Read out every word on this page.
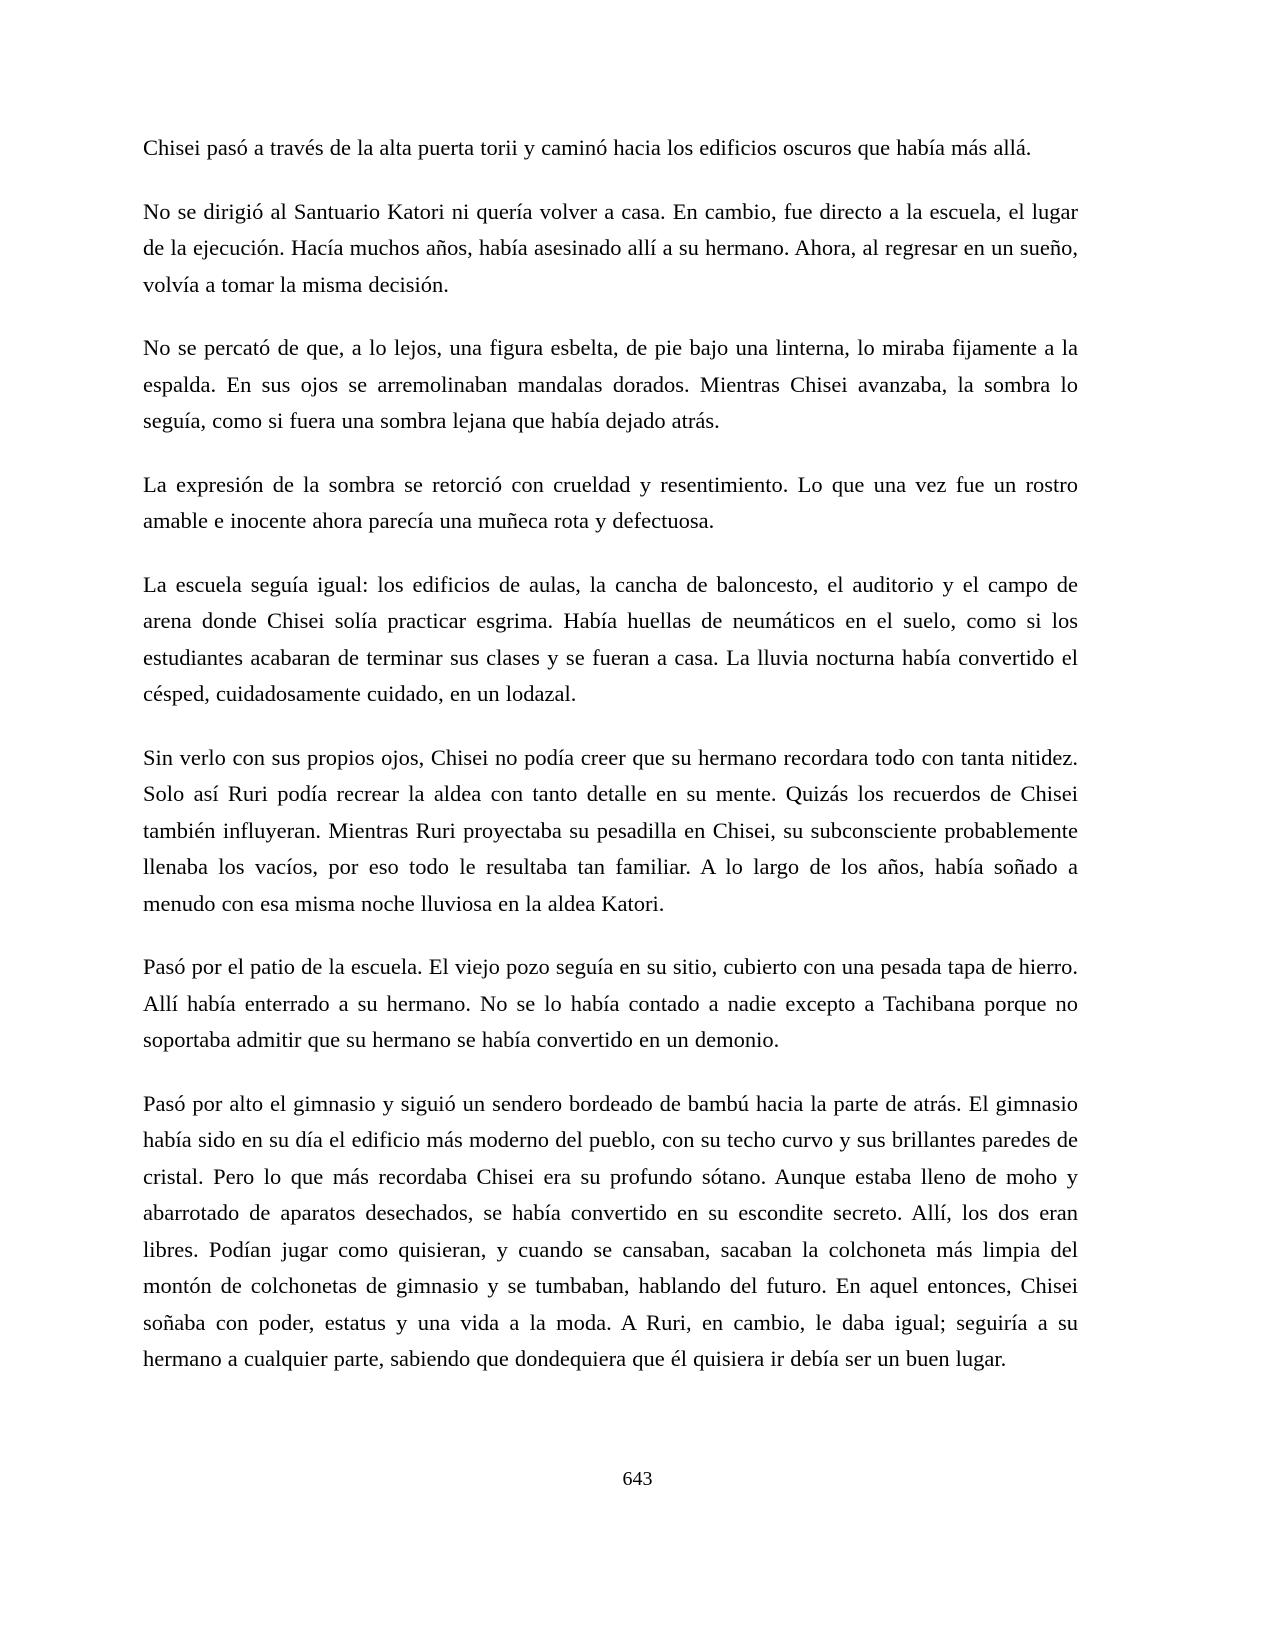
Chisei pasó a través de la alta puerta torii y caminó hacia los edificios oscuros que había más allá.

No se dirigió al Santuario Katori ni quería volver a casa. En cambio, fue directo a la escuela, el lugar de la ejecución. Hacía muchos años, había asesinado allí a su hermano. Ahora, al regresar en un sueño, volvía a tomar la misma decisión.

No se percató de que, a lo lejos, una figura esbelta, de pie bajo una linterna, lo miraba fijamente a la espalda. En sus ojos se arremolinaban mandalas dorados. Mientras Chisei avanzaba, la sombra lo seguía, como si fuera una sombra lejana que había dejado atrás.

La expresión de la sombra se retorció con crueldad y resentimiento. Lo que una vez fue un rostro amable e inocente ahora parecía una muñeca rota y defectuosa.

La escuela seguía igual: los edificios de aulas, la cancha de baloncesto, el auditorio y el campo de arena donde Chisei solía practicar esgrima. Había huellas de neumáticos en el suelo, como si los estudiantes acabaran de terminar sus clases y se fueran a casa. La lluvia nocturna había convertido el césped, cuidadosamente cuidado, en un lodazal.

Sin verlo con sus propios ojos, Chisei no podía creer que su hermano recordara todo con tanta nitidez. Solo así Ruri podía recrear la aldea con tanto detalle en su mente. Quizás los recuerdos de Chisei también influyeran. Mientras Ruri proyectaba su pesadilla en Chisei, su subconsciente probablemente llenaba los vacíos, por eso todo le resultaba tan familiar. A lo largo de los años, había soñado a menudo con esa misma noche lluviosa en la aldea Katori.

Pasó por el patio de la escuela. El viejo pozo seguía en su sitio, cubierto con una pesada tapa de hierro. Allí había enterrado a su hermano. No se lo había contado a nadie excepto a Tachibana porque no soportaba admitir que su hermano se había convertido en un demonio.

Pasó por alto el gimnasio y siguió un sendero bordeado de bambú hacia la parte de atrás. El gimnasio había sido en su día el edificio más moderno del pueblo, con su techo curvo y sus brillantes paredes de cristal. Pero lo que más recordaba Chisei era su profundo sótano. Aunque estaba lleno de moho y abarrotado de aparatos desechados, se había convertido en su escondite secreto. Allí, los dos eran libres. Podían jugar como quisieran, y cuando se cansaban, sacaban la colchoneta más limpia del montón de colchonetas de gimnasio y se tumbaban, hablando del futuro. En aquel entonces, Chisei soñaba con poder, estatus y una vida a la moda. A Ruri, en cambio, le daba igual; seguiría a su hermano a cualquier parte, sabiendo que dondequiera que él quisiera ir debía ser un buen lugar.

643
